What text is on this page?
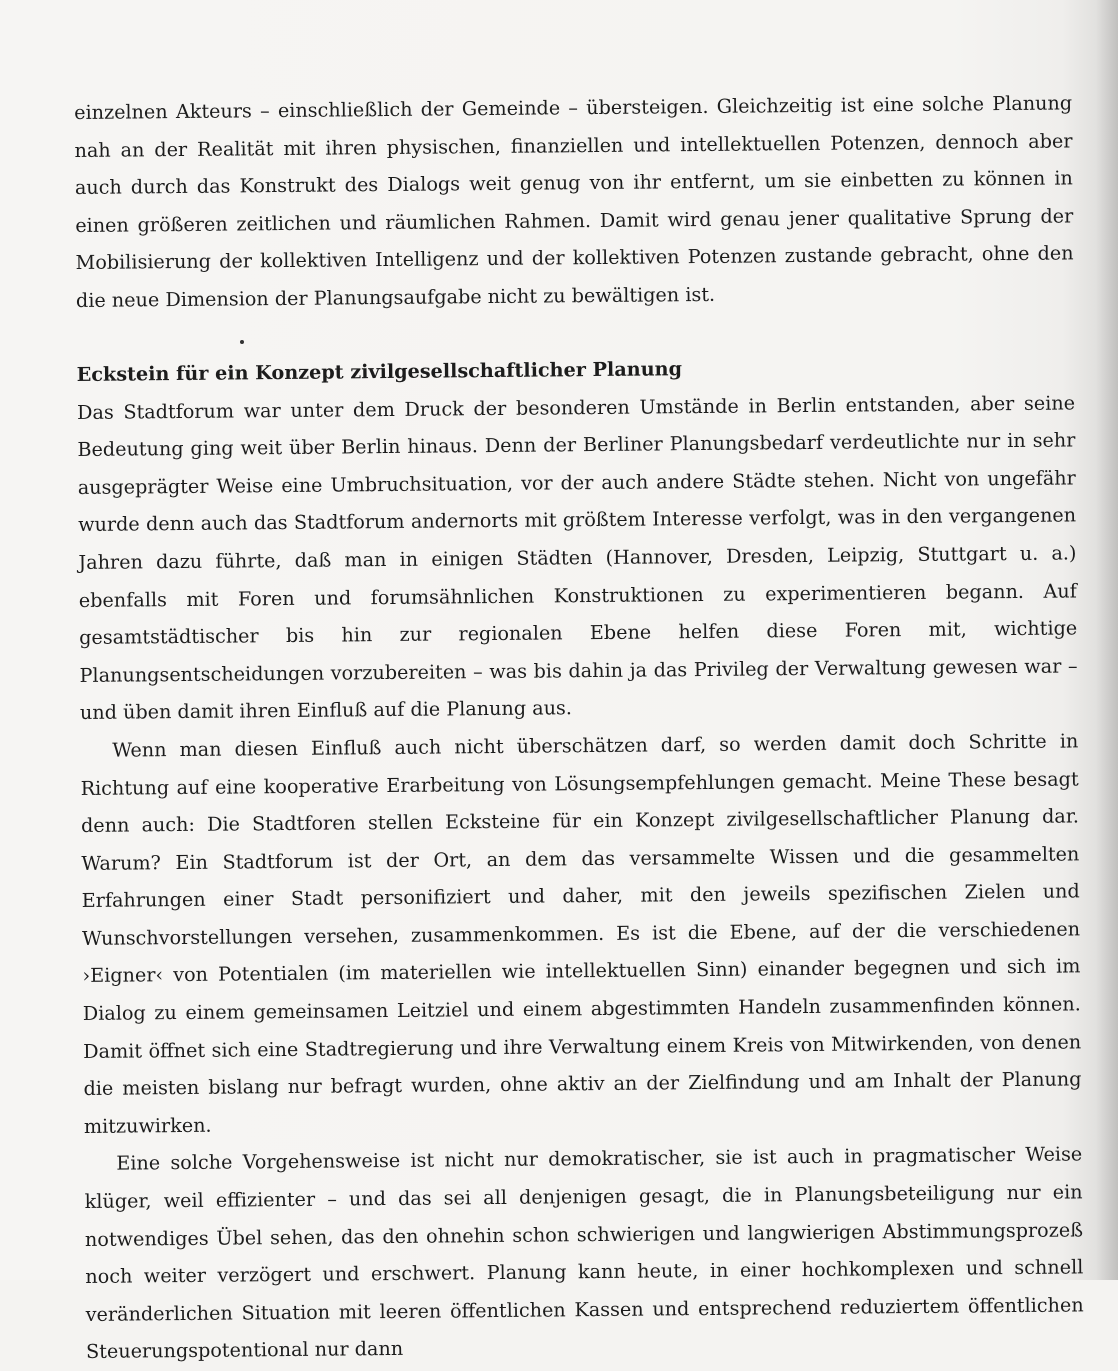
einzelnen Akteurs – einschließlich der Gemeinde – übersteigen. Gleichzeitig ist eine solche Planung nah an der Realität mit ihren physischen, finanziellen und intellektuellen Potenzen, dennoch aber auch durch das Konstrukt des Dialogs weit genug von ihr entfernt, um sie einbetten zu können in einen größeren zeitlichen und räumlichen Rahmen. Damit wird genau jener qualitative Sprung der Mobilisierung der kollektiven Intelligenz und der kollektiven Potenzen zustande gebracht, ohne den die neue Dimension der Planungsaufgabe nicht zu bewältigen ist.

Eckstein für ein Konzept zivilgesellschaftlicher Planung

Das Stadtforum war unter dem Druck der besonderen Umstände in Berlin entstanden, aber seine Bedeutung ging weit über Berlin hinaus. Denn der Berliner Planungsbedarf verdeutlichte nur in sehr ausgeprägter Weise eine Umbruchsituation, vor der auch andere Städte stehen. Nicht von ungefähr wurde denn auch das Stadtforum andernorts mit größtem Interesse verfolgt, was in den vergangenen Jahren dazu führte, daß man in einigen Städten (Hannover, Dresden, Leipzig, Stuttgart u. a.) ebenfalls mit Foren und forumsähnlichen Konstruktionen zu experimentieren begann. Auf gesamtstädtischer bis hin zur regionalen Ebene helfen diese Foren mit, wichtige Planungsentscheidungen vorzubereiten – was bis dahin ja das Privileg der Verwaltung gewesen war – und üben damit ihren Einfluß auf die Planung aus.

Wenn man diesen Einfluß auch nicht überschätzen darf, so werden damit doch Schritte in Richtung auf eine kooperative Erarbeitung von Lösungsempfehlungen gemacht. Meine These besagt denn auch: Die Stadtforen stellen Ecksteine für ein Konzept zivilgesellschaftlicher Planung dar. Warum? Ein Stadtforum ist der Ort, an dem das versammelte Wissen und die gesammelten Erfahrungen einer Stadt personifiziert und daher, mit den jeweils spezifischen Zielen und Wunschvorstellungen versehen, zusammenkommen. Es ist die Ebene, auf der die verschiedenen ›Eigner‹ von Potentialen (im materiellen wie intellektuellen Sinn) einander begegnen und sich im Dialog zu einem gemeinsamen Leitziel und einem abgestimmten Handeln zusammenfinden können. Damit öffnet sich eine Stadtregierung und ihre Verwaltung einem Kreis von Mitwirkenden, von denen die meisten bislang nur befragt wurden, ohne aktiv an der Zielfindung und am Inhalt der Planung mitzuwirken.

Eine solche Vorgehensweise ist nicht nur demokratischer, sie ist auch in pragmatischer Weise klüger, weil effizienter – und das sei all denjenigen gesagt, die in Planungsbeteiligung nur ein notwendiges Übel sehen, das den ohnehin schon schwierigen und langwierigen Abstimmungsprozeß noch weiter verzögert und erschwert. Planung kann heute, in einer hochkomplexen und schnell veränderlichen Situation mit leeren öffentlichen Kassen und entsprechend reduziertem öffentlichen Steuerungspotentional nur dann
